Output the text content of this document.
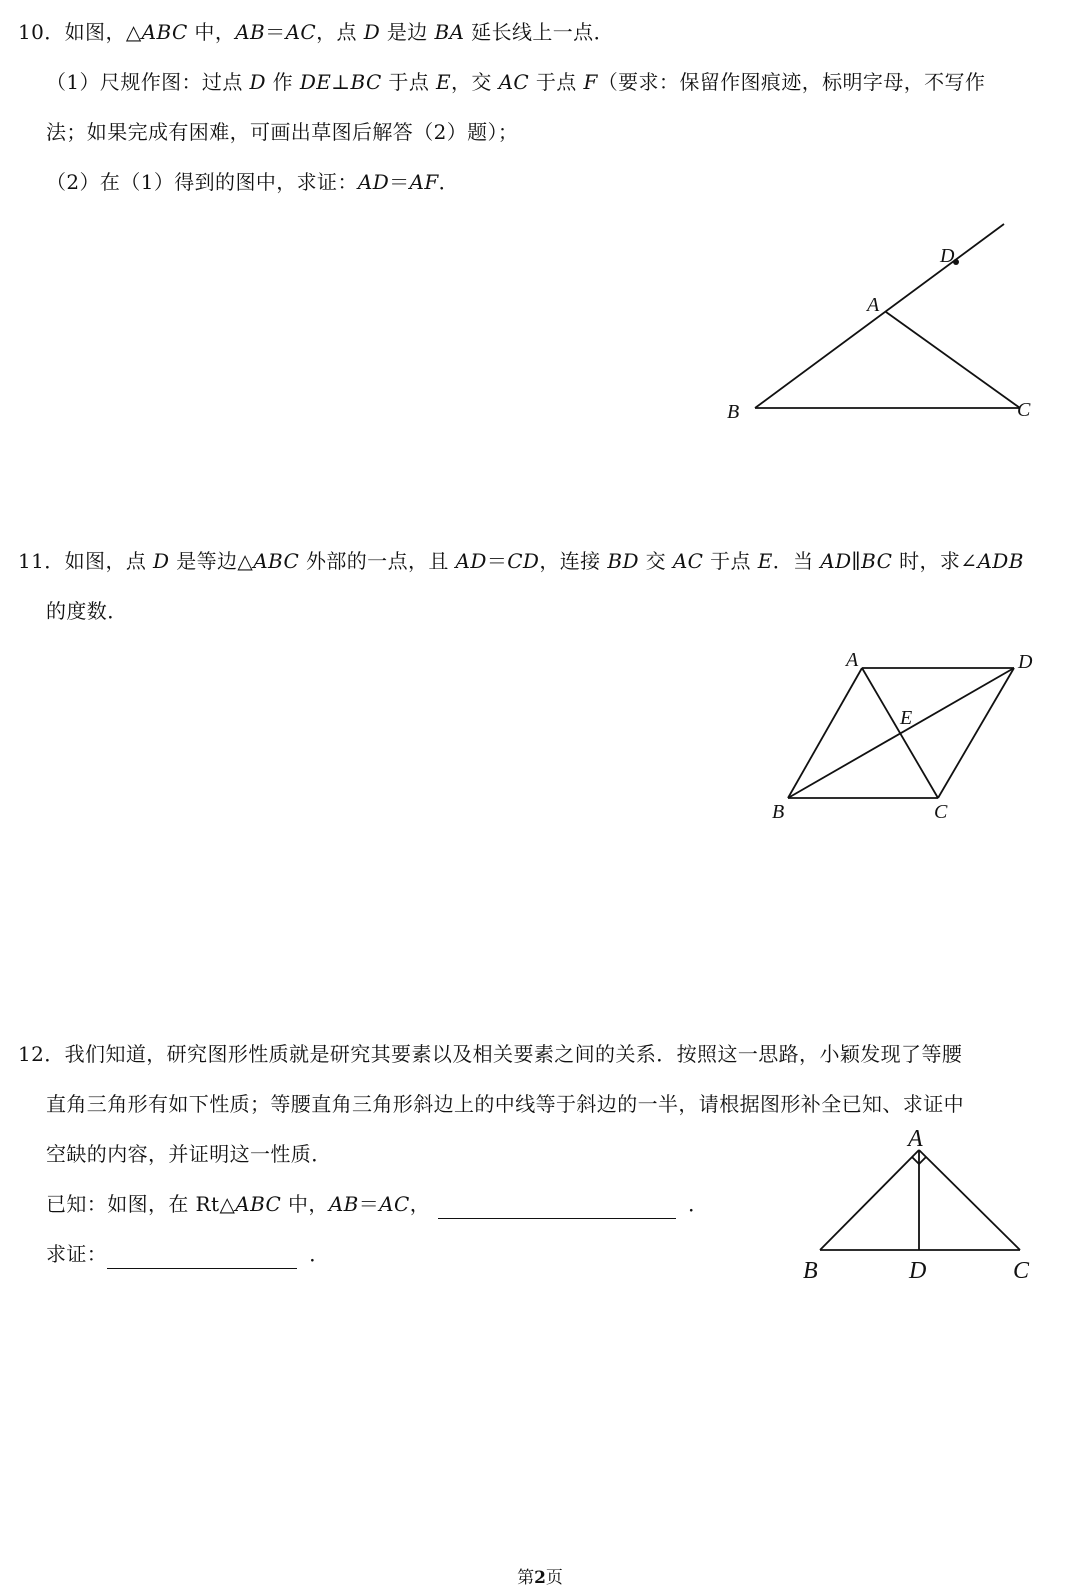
10．如图，△ABC 中，AB＝AC，点 D 是边 BA 延长线上一点．

（1）尺规作图：过点 D 作 DE⊥BC 于点 E，交 AC 于点 F（要求：保留作图痕迹，标明字母，不写作

法；如果完成有困难，可画出草图后解答（2）题）；

（2）在（1）得到的图中，求证：AD＝AF．

D
A
B	C

11．如图，点 D 是等边△ABC 外部的一点，且 AD＝CD，连接 BD 交 AC 于点 E．当 AD∥BC 时，求∠ADB

的度数．

A	D
E
B	C

12．我们知道，研究图形性质就是研究其要素以及相关要素之间的关系．按照这一思路，小颖发现了等腰

直角三角形有如下性质；等腰直角三角形斜边上的中线等于斜边的一半，请根据图形补全已知、求证中

空缺的内容，并证明这一性质．

已知：如图，在 Rt△ABC 中，AB＝AC，	．

求证：	．

A
B	D	C

第2页
